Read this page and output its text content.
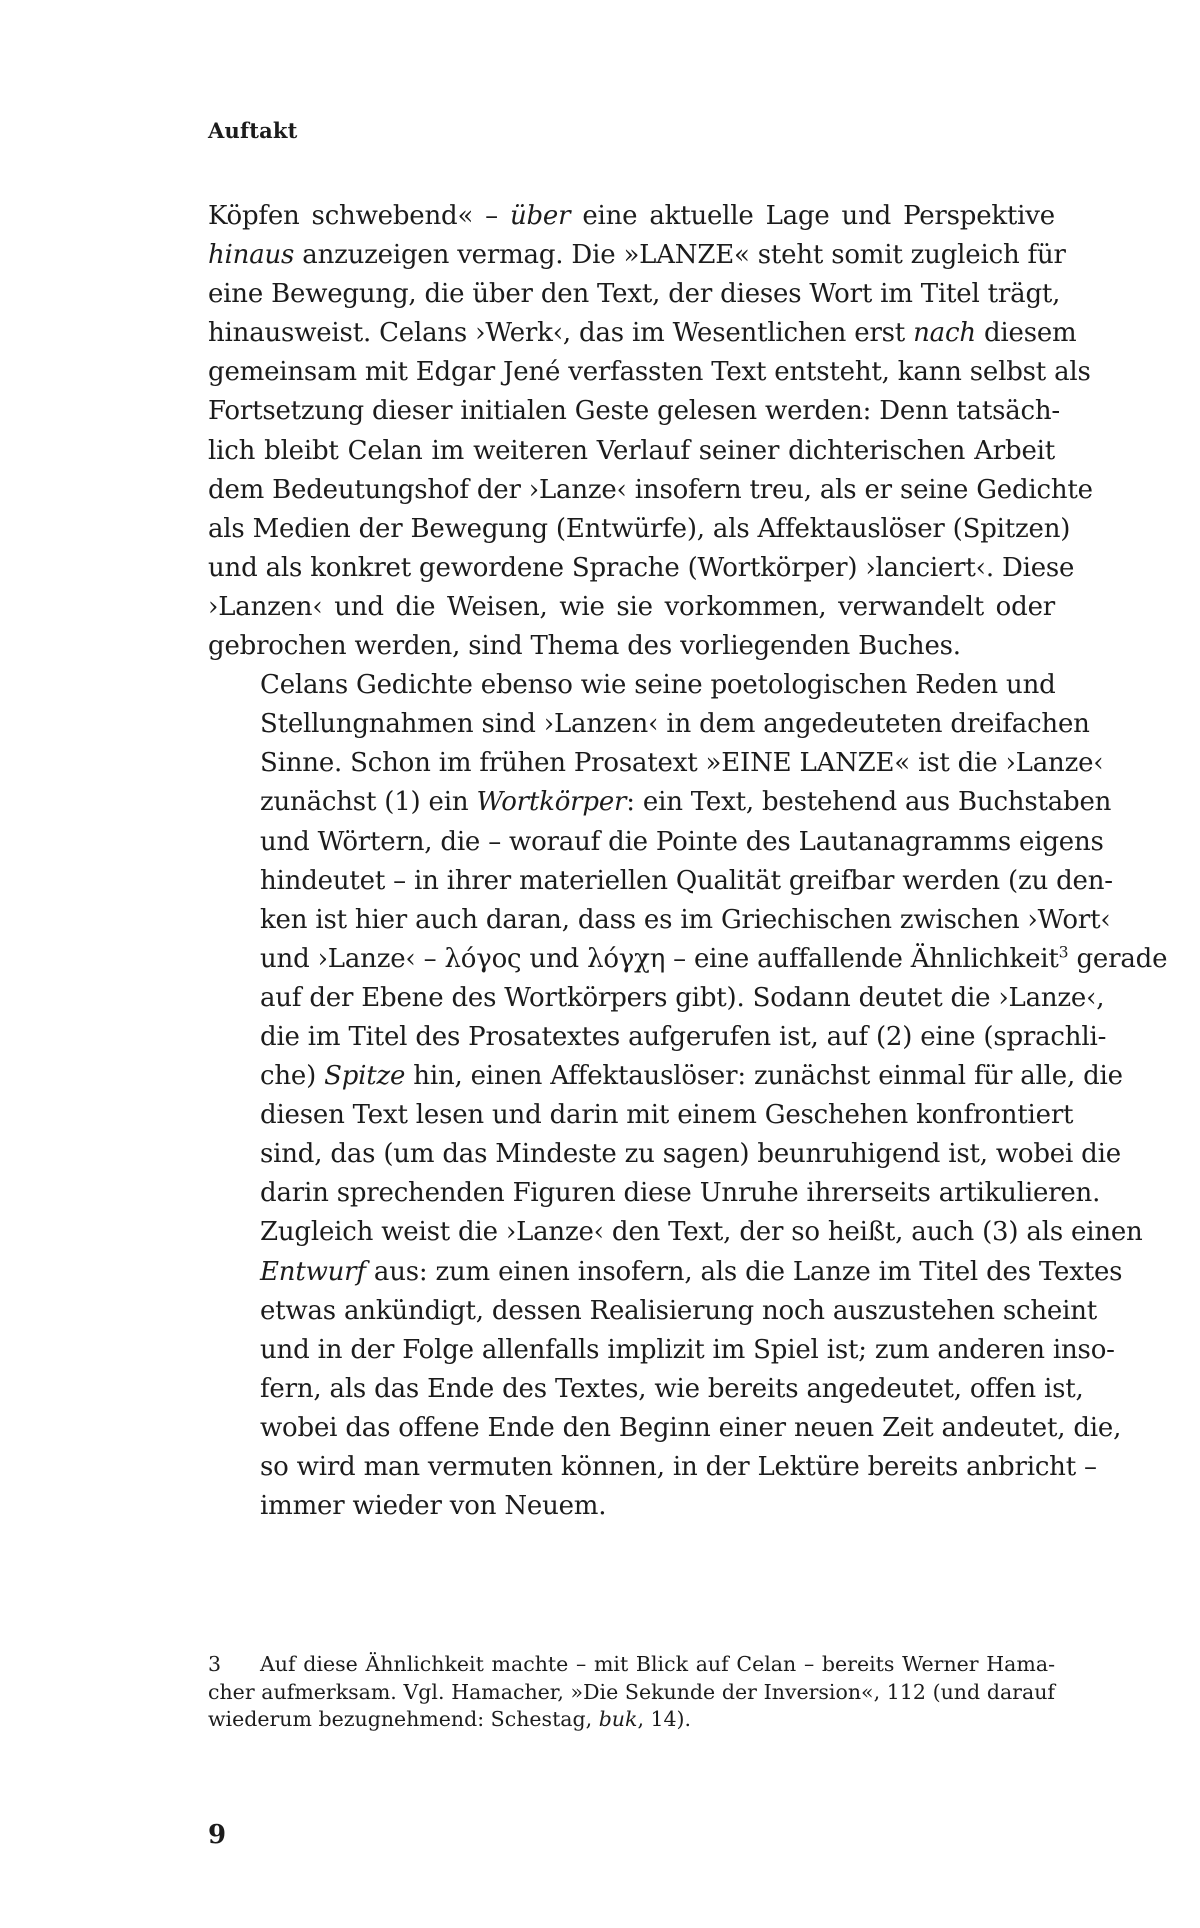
Auftakt

Köpfen schwebend« – über eine aktuelle Lage und Perspektive
hinaus anzuzeigen vermag. Die »LANZE« steht somit zugleich für
eine Bewegung, die über den Text, der dieses Wort im Titel trägt,
hinausweist. Celans ›Werk‹, das im Wesentlichen erst nach diesem
gemeinsam mit Edgar Jené verfassten Text entsteht, kann selbst als
Fortsetzung dieser initialen Geste gelesen werden: Denn tatsäch-
lich bleibt Celan im weiteren Verlauf seiner dichterischen Arbeit
dem Bedeutungshof der ›Lanze‹ insofern treu, als er seine Gedichte
als Medien der Bewegung (Entwürfe), als Affektauslöser (Spitzen)
und als konkret gewordene Sprache (Wortkörper) ›lanciert‹. Diese
›Lanzen‹ und die Weisen, wie sie vorkommen, verwandelt oder
gebrochen werden, sind Thema des vorliegenden Buches.

Celans Gedichte ebenso wie seine poetologischen Reden und
Stellungnahmen sind ›Lanzen‹ in dem angedeuteten dreifachen
Sinne. Schon im frühen Prosatext »EINE LANZE« ist die ›Lanze‹
zunächst (1) ein Wortkörper: ein Text, bestehend aus Buchstaben
und Wörtern, die – worauf die Pointe des Lautanagramms eigens
hindeutet – in ihrer materiellen Qualität greifbar werden (zu den-
ken ist hier auch daran, dass es im Griechischen zwischen ›Wort‹
und ›Lanze‹ – λόγος und λόγχη – eine auffallende Ähnlichkeit$^3$ gerade
auf der Ebene des Wortkörpers gibt). Sodann deutet die ›Lanze‹,
die im Titel des Prosatextes aufgerufen ist, auf (2) eine (sprachli-
che) Spitze hin, einen Affektauslöser: zunächst einmal für alle, die
diesen Text lesen und darin mit einem Geschehen konfrontiert
sind, das (um das Mindeste zu sagen) beunruhigend ist, wobei die
darin sprechenden Figuren diese Unruhe ihrerseits artikulieren.
Zugleich weist die ›Lanze‹ den Text, der so heißt, auch (3) als einen
Entwurf aus: zum einen insofern, als die Lanze im Titel des Textes
etwas ankündigt, dessen Realisierung noch auszustehen scheint
und in der Folge allenfalls implizit im Spiel ist; zum anderen inso-
fern, als das Ende des Textes, wie bereits angedeutet, offen ist,
wobei das offene Ende den Beginn einer neuen Zeit andeutet, die,
so wird man vermuten können, in der Lektüre bereits anbricht –
immer wieder von Neuem.

3 Auf diese Ähnlichkeit machte – mit Blick auf Celan – bereits Werner Hama-
cher aufmerksam. Vgl. Hamacher, »Die Sekunde der Inversion«, 112 (und darauf
wiederum bezugnehmend: Schestag, buk, 14).
9
